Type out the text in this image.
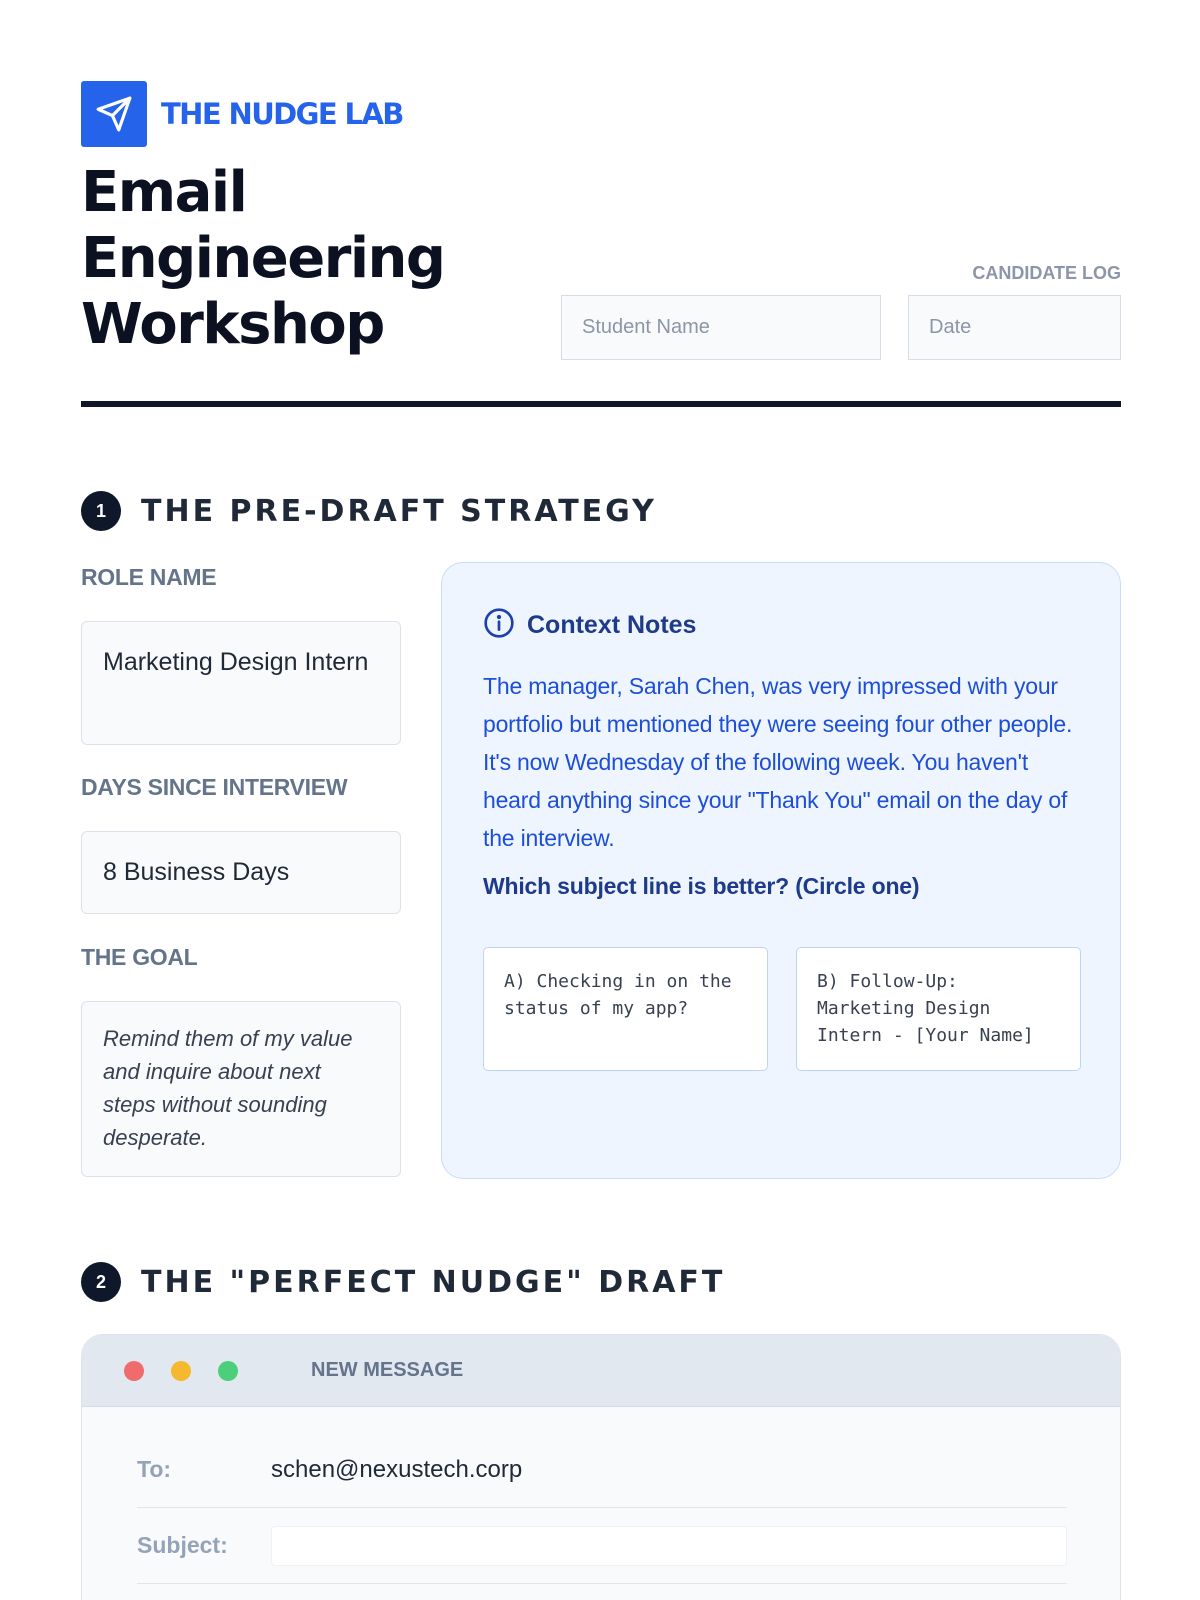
THE NUDGE LAB
Email
Engineering
Workshop
CANDIDATE LOG
Student Name	Date
1	THE PRE-DRAFT STRATEGY
ROLE NAME
Marketing Design Intern
DAYS SINCE INTERVIEW
8 Business Days
THE GOAL
Remind them of my value and inquire about next steps without sounding desperate.
Context Notes

The manager, Sarah Chen, was very impressed with your portfolio but mentioned they were seeing four other people. It's now Wednesday of the following week. You haven't heard anything since your "Thank You" email on the day of the interview.

Which subject line is better? (Circle one)
A) Checking in on the status of my app?
B) Follow-Up: Marketing Design Intern - [Your Name]
2	THE "PERFECT NUDGE" DRAFT
NEW MESSAGE
To:	schen@nexustech.corp
Subject:
